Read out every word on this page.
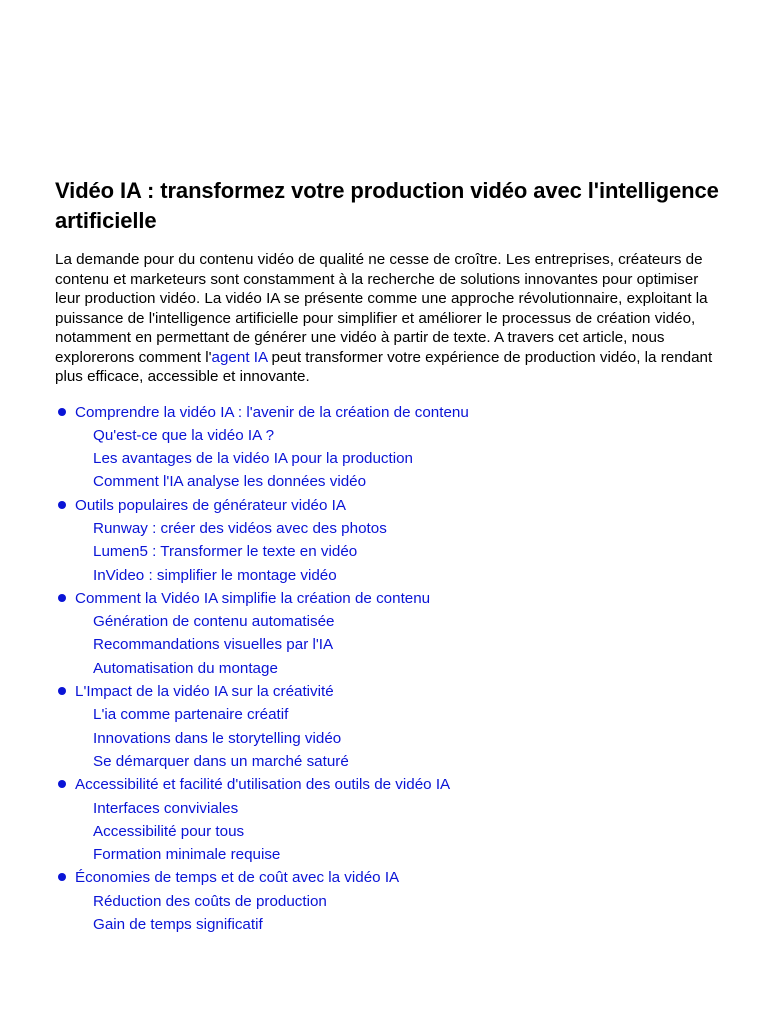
Vidéo IA : transformez votre production vidéo avec l'intelligence artificielle

La demande pour du contenu vidéo de qualité ne cesse de croître. Les entreprises, créateurs de contenu et marketeurs sont constamment à la recherche de solutions innovantes pour optimiser leur production vidéo. La vidéo IA se présente comme une approche révolutionnaire, exploitant la puissance de l'intelligence artificielle pour simplifier et améliorer le processus de création vidéo, notamment en permettant de générer une vidéo à partir de texte. A travers cet article, nous explorerons comment l'agent IA peut transformer votre expérience de production vidéo, la rendant plus efficace, accessible et innovante.

Comprendre la vidéo IA : l'avenir de la création de contenu
Qu'est-ce que la vidéo IA ?
Les avantages de la vidéo IA pour la production
Comment l'IA analyse les données vidéo
Outils populaires de générateur vidéo IA
Runway : créer des vidéos avec des photos
Lumen5 : Transformer le texte en vidéo
InVideo : simplifier le montage vidéo
Comment la Vidéo IA simplifie la création de contenu
Génération de contenu automatisée
Recommandations visuelles par l'IA
Automatisation du montage
L'Impact de la vidéo IA sur la créativité
L'ia comme partenaire créatif
Innovations dans le storytelling vidéo
Se démarquer dans un marché saturé
Accessibilité et facilité d'utilisation des outils de vidéo IA
Interfaces conviviales
Accessibilité pour tous
Formation minimale requise
Économies de temps et de coût avec la vidéo IA
Réduction des coûts de production
Gain de temps significatif
